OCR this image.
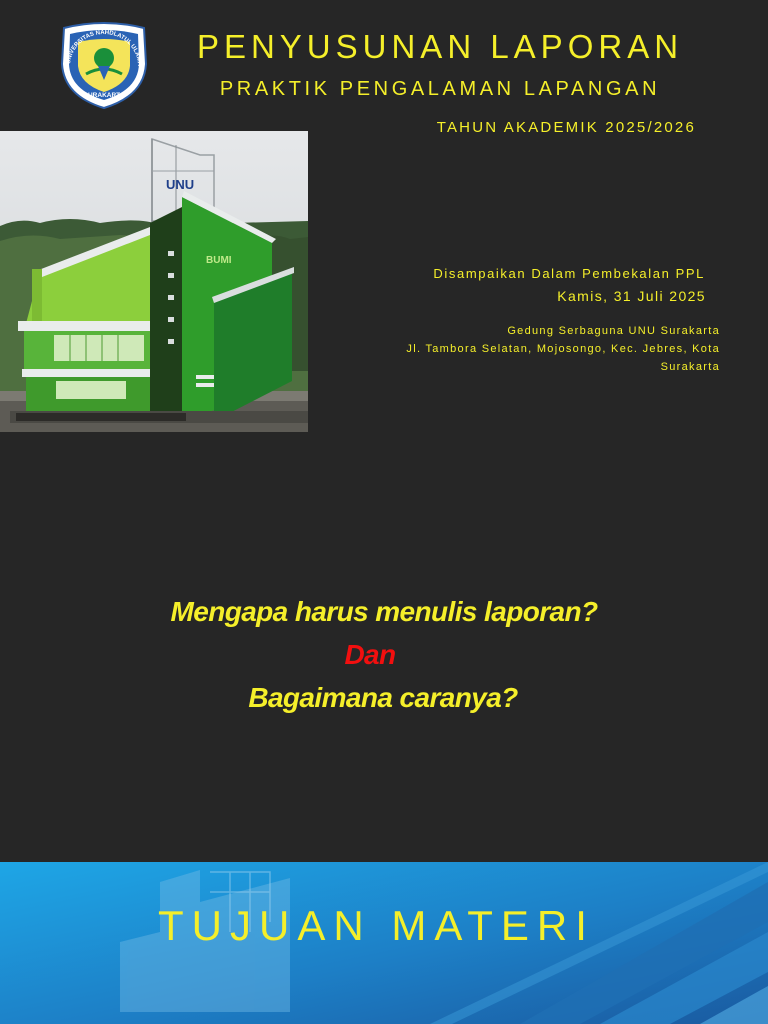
UNIVERSITAS NAHDLATUL ULAMA
SURAKARTA
PENYUSUNAN LAPORAN
PRAKTIK PENGALAMAN LAPANGAN
TAHUN AKADEMIK 2025/2026
UNU
BUMI
Disampaikan Dalam Pembekalan PPL
Kamis, 31 Juli 2025
Gedung Serbaguna UNU Surakarta
Jl. Tambora Selatan, Mojosongo, Kec. Jebres, Kota
Surakarta
Mengapa harus menulis laporan?
Dan
Bagaimana caranya?
TUJUAN MATERI
